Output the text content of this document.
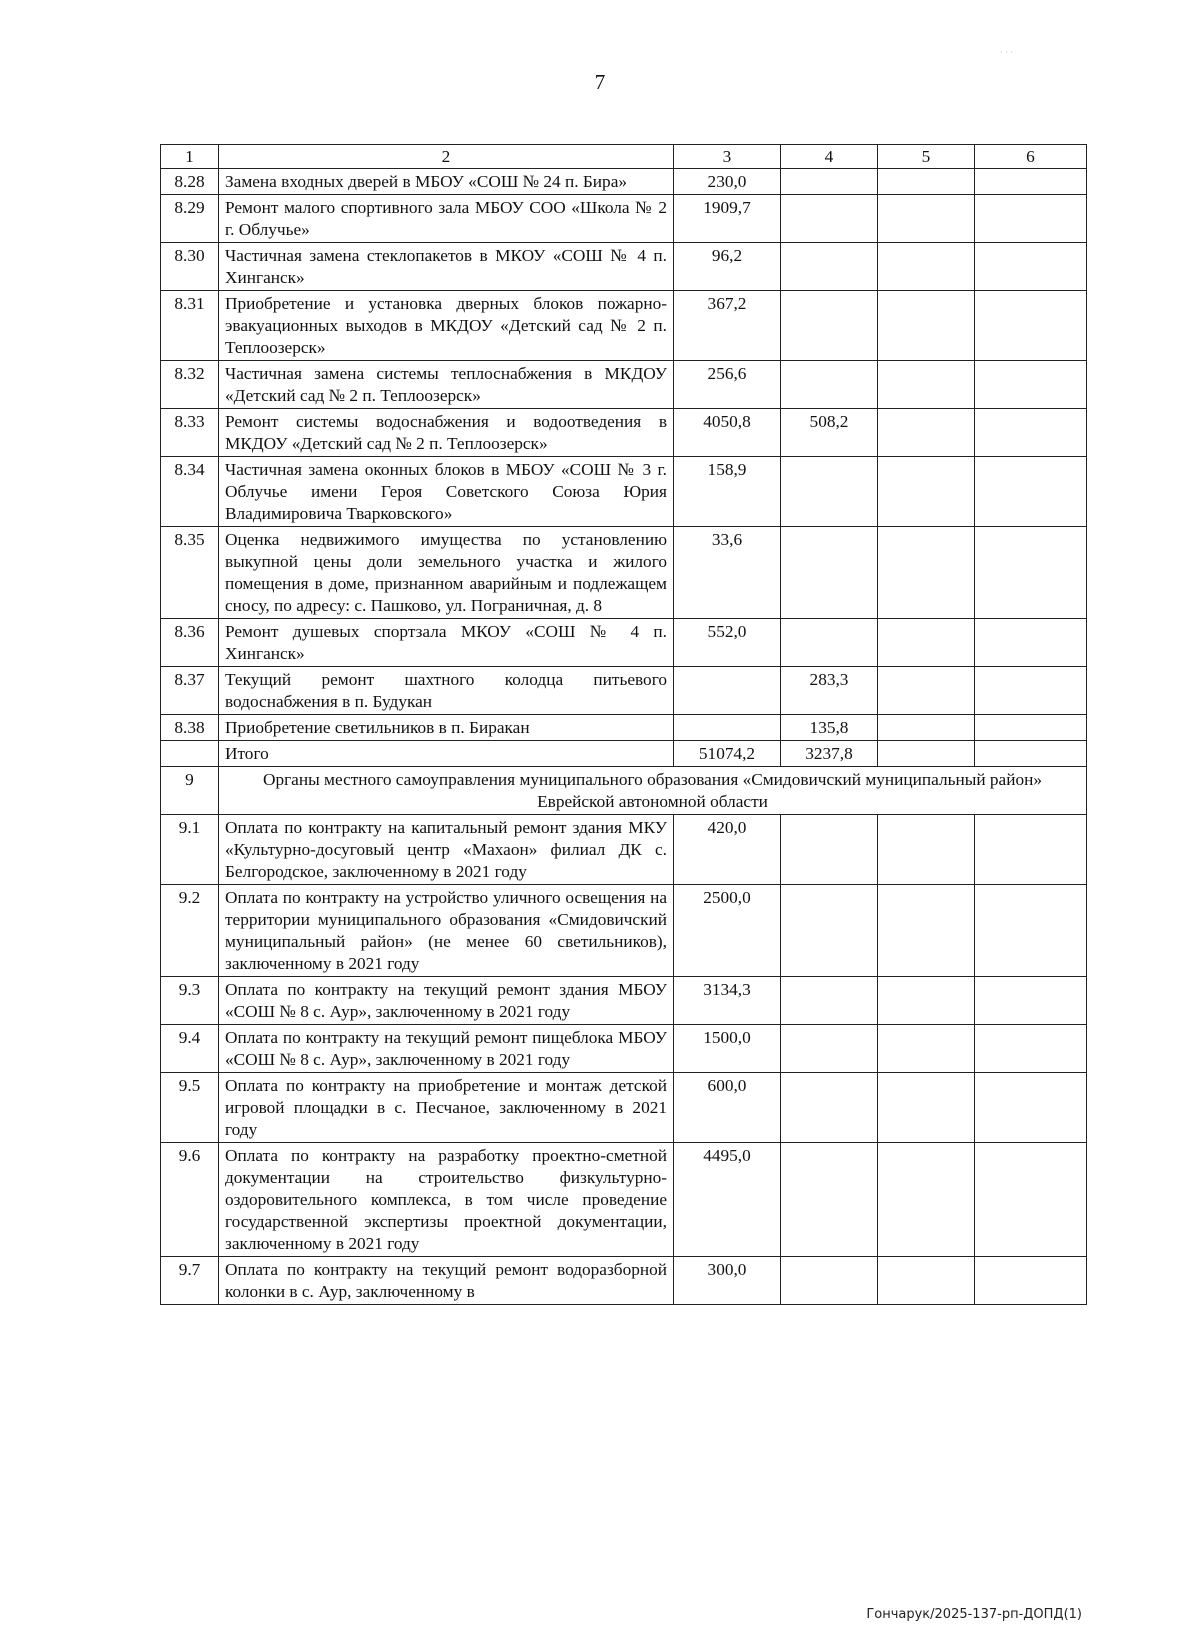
7
1	2	3	4	5	6
8.28	Замена входных дверей в МБОУ «СОШ № 24 п. Бира»	230,0			
8.29	Ремонт малого спортивного зала МБОУ СОО «Школа № 2 г. Облучье»	1909,7			
8.30	Частичная замена стеклопакетов в МКОУ «СОШ № 4 п. Хинганск»	96,2			
8.31	Приобретение и установка дверных блоков пожарно-эвакуационных выходов в МКДОУ «Детский сад № 2 п. Теплоозерск»	367,2			
8.32	Частичная замена системы теплоснабжения в МКДОУ «Детский сад № 2 п. Теплоозерск»	256,6			
8.33	Ремонт системы водоснабжения и водоотведения в МКДОУ «Детский сад № 2 п. Теплоозерск»	4050,8	508,2		
8.34	Частичная замена оконных блоков в МБОУ «СОШ № 3 г. Облучье имени Героя Советского Союза Юрия Владимировича Тварковского»	158,9			
8.35	Оценка недвижимого имущества по установлению выкупной цены доли земельного участка и жилого помещения в доме, признанном аварийным и подлежащем сносу, по адресу: с. Пашково, ул. Пограничная, д. 8	33,6			
8.36	Ремонт душевых спортзала МКОУ «СОШ № 4 п. Хинганск»	552,0			
8.37	Текущий ремонт шахтного колодца питьевого водоснабжения в п. Будукан		283,3		
8.38	Приобретение светильников в п. Биракан		135,8		
	Итого	51074,2	3237,8		
9	Органы местного самоуправления муниципального образования «Смидовичский муниципальный район» Еврейской автономной области				
9.1	Оплата по контракту на капитальный ремонт здания МКУ «Культурно-досуговый центр «Махаон» филиал ДК с. Белгородское, заключенному в 2021 году	420,0			
9.2	Оплата по контракту на устройство уличного освещения на территории муниципального образования «Смидовичский муниципальный район» (не менее 60 светильников), заключенному в 2021 году	2500,0			
9.3	Оплата по контракту на текущий ремонт здания МБОУ «СОШ № 8 с. Аур», заключенному в 2021 году	3134,3			
9.4	Оплата по контракту на текущий ремонт пищеблока МБОУ «СОШ № 8 с. Аур», заключенному в 2021 году	1500,0			
9.5	Оплата по контракту на приобретение и монтаж детской игровой площадки в с. Песчаное, заключенному в 2021 году	600,0			
9.6	Оплата по контракту на разработку проектно-сметной документации на строительство физкультурно-оздоровительного комплекса, в том числе проведение государственной экспертизы проектной документации, заключенному в 2021 году	4495,0			
9.7	Оплата по контракту на текущий ремонт водоразборной колонки в с. Аур, заключенному в	300,0			
Гончарук/2025-137-рп-ДОПД(1)
· · ·
